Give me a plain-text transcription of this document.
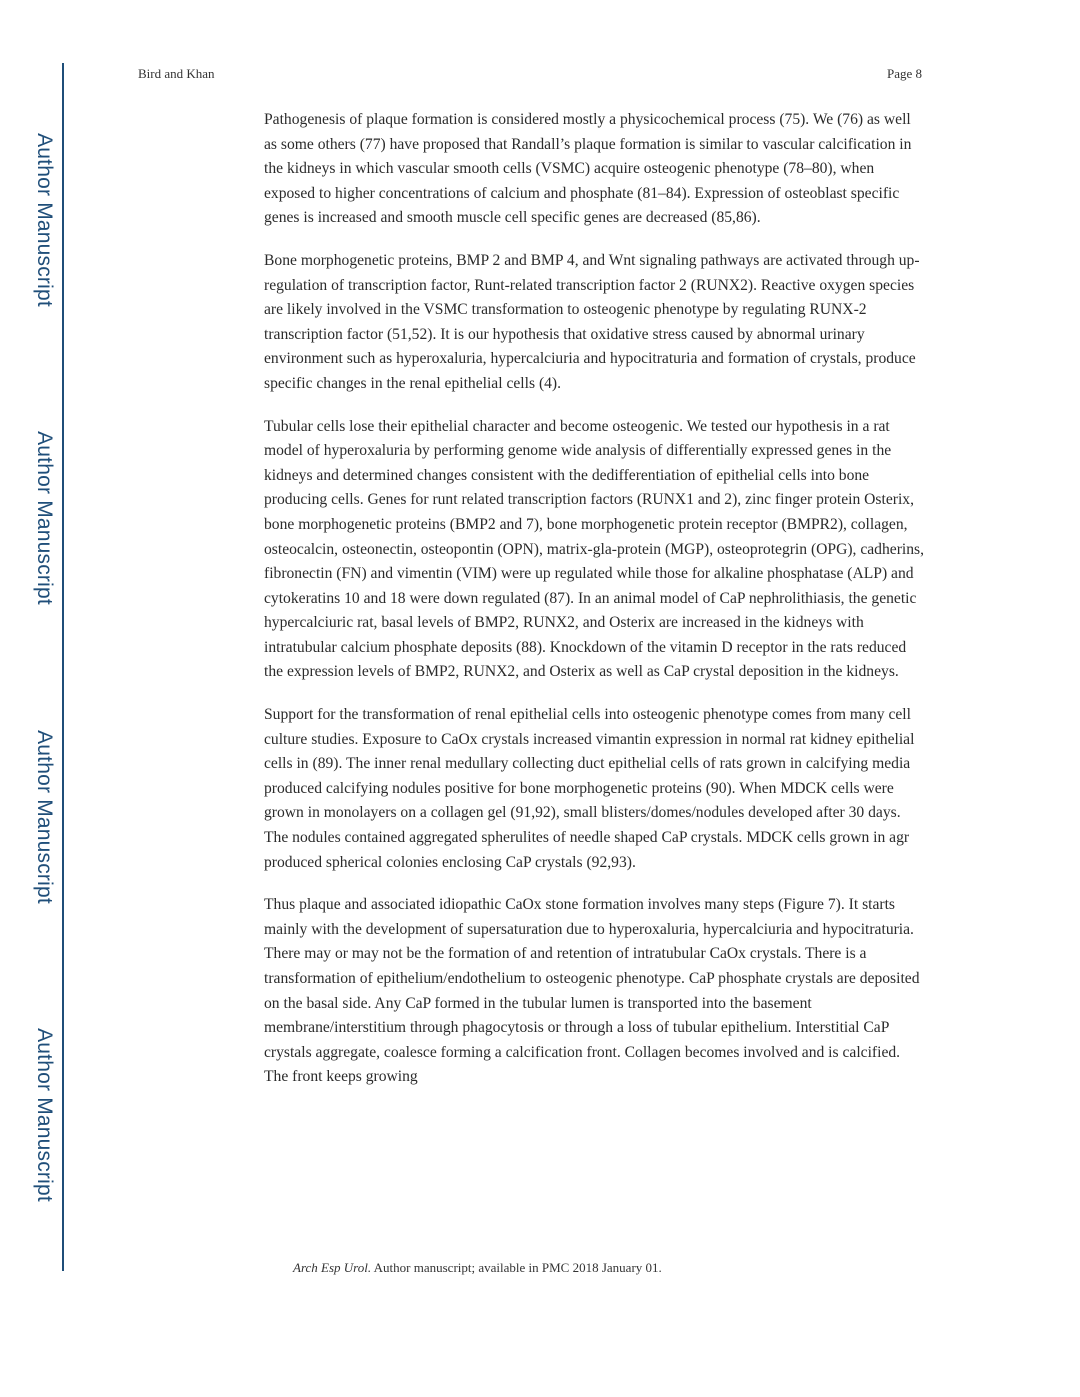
Author Manuscript
Author Manuscript
Author Manuscript
Author Manuscript
Bird and Khan	Page 8

Pathogenesis of plaque formation is considered mostly a physicochemical process (75). We (76) as well as some others (77) have proposed that Randall’s plaque formation is similar to vascular calcification in the kidneys in which vascular smooth cells (VSMC) acquire osteogenic phenotype (78–80), when exposed to higher concentrations of calcium and phosphate (81–84). Expression of osteoblast specific genes is increased and smooth muscle cell specific genes are decreased (85,86).

Bone morphogenetic proteins, BMP 2 and BMP 4, and Wnt signaling pathways are activated through up-regulation of transcription factor, Runt-related transcription factor 2 (RUNX2). Reactive oxygen species are likely involved in the VSMC transformation to osteogenic phenotype by regulating RUNX-2 transcription factor (51,52). It is our hypothesis that oxidative stress caused by abnormal urinary environment such as hyperoxaluria, hypercalciuria and hypocitraturia and formation of crystals, produce specific changes in the renal epithelial cells (4).

Tubular cells lose their epithelial character and become osteogenic. We tested our hypothesis in a rat model of hyperoxaluria by performing genome wide analysis of differentially expressed genes in the kidneys and determined changes consistent with the dedifferentiation of epithelial cells into bone producing cells. Genes for runt related transcription factors (RUNX1 and 2), zinc finger protein Osterix, bone morphogenetic proteins (BMP2 and 7), bone morphogenetic protein receptor (BMPR2), collagen, osteocalcin, osteonectin, osteopontin (OPN), matrix-gla-protein (MGP), osteoprotegrin (OPG), cadherins, fibronectin (FN) and vimentin (VIM) were up regulated while those for alkaline phosphatase (ALP) and cytokeratins 10 and 18 were down regulated (87). In an animal model of CaP nephrolithiasis, the genetic hypercalciuric rat, basal levels of BMP2, RUNX2, and Osterix are increased in the kidneys with intratubular calcium phosphate deposits (88). Knockdown of the vitamin D receptor in the rats reduced the expression levels of BMP2, RUNX2, and Osterix as well as CaP crystal deposition in the kidneys.

Support for the transformation of renal epithelial cells into osteogenic phenotype comes from many cell culture studies. Exposure to CaOx crystals increased vimantin expression in normal rat kidney epithelial cells in (89). The inner renal medullary collecting duct epithelial cells of rats grown in calcifying media produced calcifying nodules positive for bone morphogenetic proteins (90). When MDCK cells were grown in monolayers on a collagen gel (91,92), small blisters/domes/nodules developed after 30 days. The nodules contained aggregated spherulites of needle shaped CaP crystals. MDCK cells grown in agr produced spherical colonies enclosing CaP crystals (92,93).

Thus plaque and associated idiopathic CaOx stone formation involves many steps (Figure 7). It starts mainly with the development of supersaturation due to hyperoxaluria, hypercalciuria and hypocitraturia. There may or may not be the formation of and retention of intratubular CaOx crystals. There is a transformation of epithelium/endothelium to osteogenic phenotype. CaP phosphate crystals are deposited on the basal side. Any CaP formed in the tubular lumen is transported into the basement membrane/interstitium through phagocytosis or through a loss of tubular epithelium. Interstitial CaP crystals aggregate, coalesce forming a calcification front. Collagen becomes involved and is calcified. The front keeps growing

Arch Esp Urol. Author manuscript; available in PMC 2018 January 01.
